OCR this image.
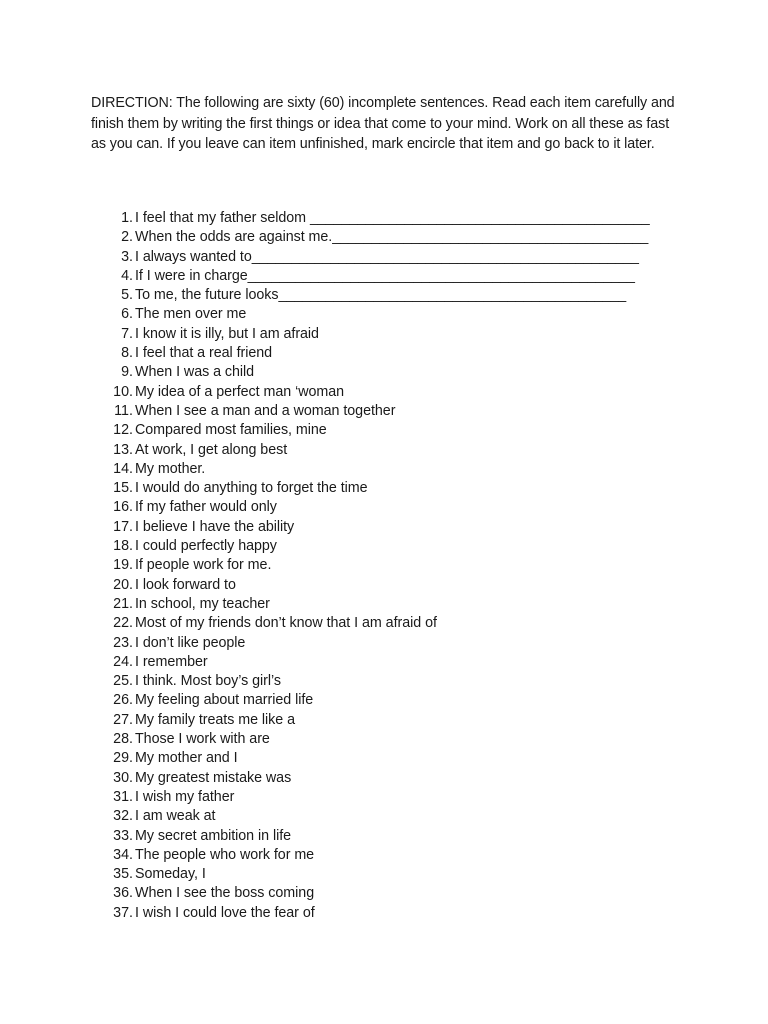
DIRECTION: The following are sixty (60) incomplete sentences. Read each item carefully and finish them by writing the first things or idea that come to your mind. Work on all these as fast as you can. If you leave can item unfinished, mark encircle that item and go back to it later.

1. I feel that my father seldom ___________________________________________
2. When the odds are against me.________________________________________
3. I always wanted to_________________________________________________
4. If I were in charge_________________________________________________
5. To me, the future looks____________________________________________
6. The men over me
7. I know it is illy, but I am afraid
8. I feel that a real friend
9. When I was a child
10. My idea of a perfect man ‘woman
11. When I see a man and a woman together
12. Compared most families, mine
13. At work, I get along best
14. My mother.
15. I would do anything to forget the time
16. If my father would only
17. I believe I have the ability
18. I could perfectly happy
19. If people work for me.
20. I look forward to
21. In school, my teacher
22. Most of my friends don’t know that I am afraid of
23. I don’t like people
24. I remember
25. I think. Most boy’s girl’s
26. My feeling about married life
27. My family treats me like a
28. Those I work with are
29. My mother and I
30. My greatest mistake was
31. I wish my father
32. I am weak at
33. My secret ambition in life
34. The people who work for me
35. Someday, I
36. When I see the boss coming
37. I wish I could love the fear of
